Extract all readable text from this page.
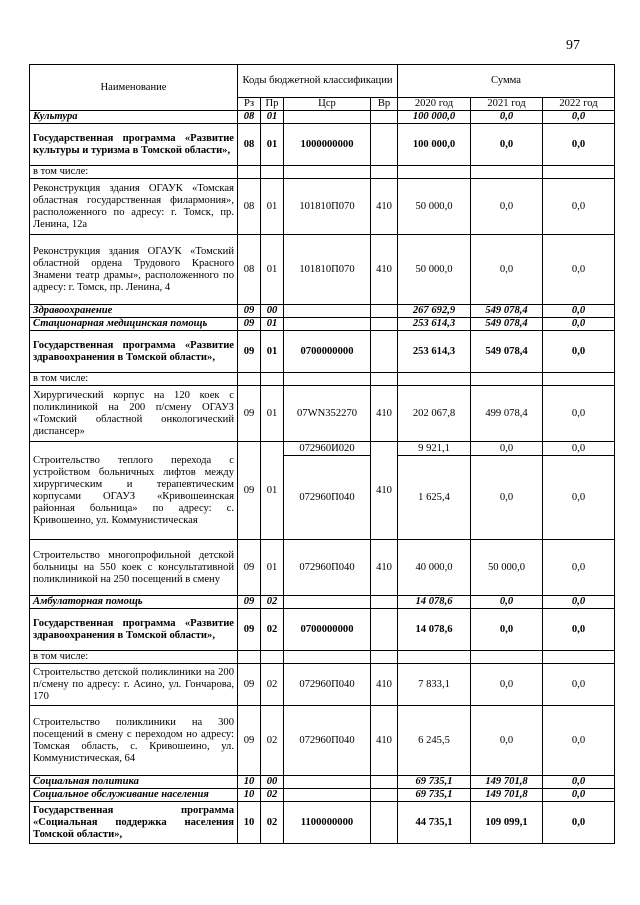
97
Наименование	Коды бюджетной классификации				Сумма		
	Рз	Пр	Цср	Вр	2020 год	2021 год	2022 год
Культура	08	01			100 000,0	0,0	0,0
Государственная программа «Развитие культуры и туризма в Томской области»,	08	01	1000000000		100 000,0	0,0	0,0
в том числе:							
Реконструкция здания ОГАУК «Томская областная государственная филармония», расположенного по адресу: г. Томск, пр. Ленина, 12а	08	01	101810П070	410	50 000,0	0,0	0,0
Реконструкция здания ОГАУК «Томский областной ордена Трудового Красного Знамени театр драмы», расположенного по адресу: г. Томск, пр. Ленина, 4	08	01	101810П070	410	50 000,0	0,0	0,0
Здравоохранение	09	00			267 692,9	549 078,4	0,0
Стационарная медицинская помощь	09	01			253 614,3	549 078,4	0,0
Государственная программа «Развитие здравоохранения в Томской области»,	09	01	0700000000		253 614,3	549 078,4	0,0
в том числе:							
Хирургический корпус на 120 коек с поликлиникой на 200 п/смену ОГАУЗ «Томский областной онкологический диспансер»	09	01	07WN352270	410	202 067,8	499 078,4	0,0
Строительство теплого перехода с устройством больничных лифтов между хирургическим и терапевтическим корпусами ОГАУЗ «Кривошеинская районная больница» по адресу: с. Кривошеино, ул. Коммунистическая	09	01	072960И020	410	9 921,1	0,0	0,0
			072960П040		1 625,4	0,0	0,0
Строительство многопрофильной детской больницы на 550 коек с консультативной поликлиникой на 250 посещений в смену	09	01	072960П040	410	40 000,0	50 000,0	0,0
Амбулаторная помощь	09	02			14 078,6	0,0	0,0
Государственная программа «Развитие здравоохранения в Томской области»,	09	02	0700000000		14 078,6	0,0	0,0
в том числе:							
Строительство детской поликлиники на 200 п/смену по адресу: г. Асино, ул. Гончарова, 170	09	02	072960П040	410	7 833,1	0,0	0,0
Строительство поликлиники на 300 посещений в смену с переходом но адресу: Томская область, с. Кривошеино, ул. Коммунистическая, 64	09	02	072960П040	410	6 245,5	0,0	0,0
Социальная политика	10	00			69 735,1	149 701,8	0,0
Социальное обслуживание населения	10	02			69 735,1	149 701,8	0,0
Государственная программа «Социальная поддержка населения Томской области»,	10	02	1100000000		44 735,1	109 099,1	0,0
